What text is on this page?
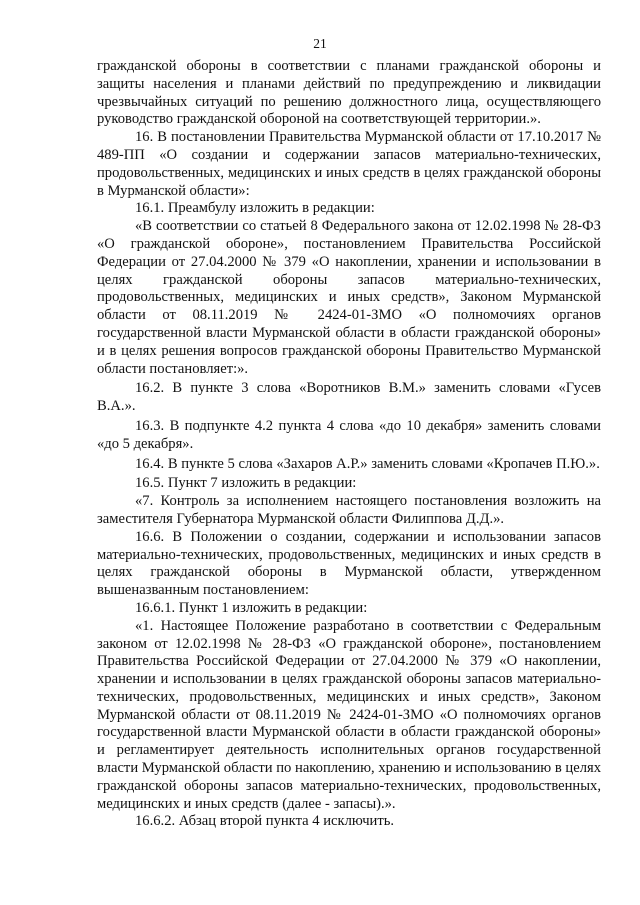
21

гражданской обороны в соответствии с планами гражданской обороны и защиты населения и планами действий по предупреждению и ликвидации чрезвычайных ситуаций по решению должностного лица, осуществляющего руководство гражданской обороной на соответствующей территории.».

16. В постановлении Правительства Мурманской области от 17.10.2017 № 489-ПП «О создании и содержании запасов материально-технических, продовольственных, медицинских и иных средств в целях гражданской обороны в Мурманской области»:

16.1. Преамбулу изложить в редакции:

«В соответствии со статьей 8 Федерального закона от 12.02.1998 № 28-ФЗ «О гражданской обороне», постановлением Правительства Российской Федерации от 27.04.2000 № 379 «О накоплении, хранении и использовании в целях гражданской обороны запасов материально-технических, продовольственных, медицинских и иных средств», Законом Мурманской области от 08.11.2019 № 2424-01-ЗМО «О полномочиях органов государственной власти Мурманской области в области гражданской обороны» и в целях решения вопросов гражданской обороны Правительство Мурманской области постановляет:».

16.2. В пункте 3 слова «Воротников В.М.» заменить словами «Гусев В.А.».

16.3. В подпункте 4.2 пункта 4 слова «до 10 декабря» заменить словами «до 5 декабря».

16.4. В пункте 5 слова «Захаров А.Р.» заменить словами «Кропачев П.Ю.».

16.5. Пункт 7 изложить в редакции:

«7. Контроль за исполнением настоящего постановления возложить на заместителя Губернатора Мурманской области Филиппова Д.Д.».

16.6. В Положении о создании, содержании и использовании запасов материально-технических, продовольственных, медицинских и иных средств в целях гражданской обороны в Мурманской области, утвержденном вышеназванным постановлением:

16.6.1. Пункт 1 изложить в редакции:

«1. Настоящее Положение разработано в соответствии с Федеральным законом от 12.02.1998 № 28-ФЗ «О гражданской обороне», постановлением Правительства Российской Федерации от 27.04.2000 № 379 «О накоплении, хранении и использовании в целях гражданской обороны запасов материально-технических, продовольственных, медицинских и иных средств», Законом Мурманской области от 08.11.2019 № 2424-01-ЗМО «О полномочиях органов государственной власти Мурманской области в области гражданской обороны» и регламентирует деятельность исполнительных органов государственной власти Мурманской области по накоплению, хранению и использованию в целях гражданской обороны запасов материально-технических, продовольственных, медицинских и иных средств (далее - запасы).».

16.6.2. Абзац второй пункта 4 исключить.
